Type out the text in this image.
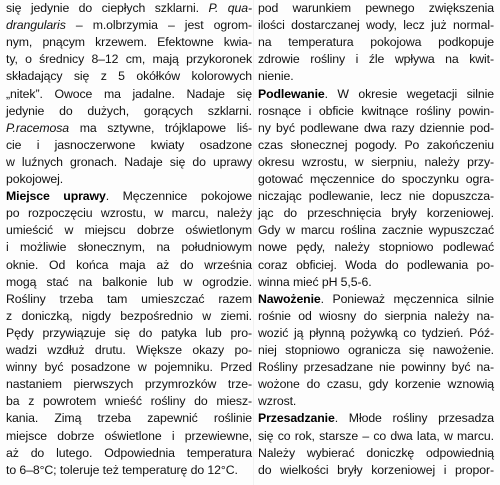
się jedynie do ciepłych szklarni. P. qua-
drangularis – m.olbrzymia – jest ogrom-
nym, pnącym krzewem. Efektowne kwia-
ty, o średnicy 8–12 cm, mają przykoronek
składający się z 5 okółków kolorowych
„nitek”. Owoce ma jadalne. Nadaje się
jedynie do dużych, gorących szklarni.
P.racemosa ma sztywne, trójklapowe liś-
cie i jasnoczerwone kwiaty osadzone
w luźnych gronach. Nadaje się do uprawy
pokojowej.
Miejsce uprawy. Męczennice pokojowe
po rozpoczęciu wzrostu, w marcu, należy
umieścić w miejscu dobrze oświetlonym
i możliwie słonecznym, na południowym
oknie. Od końca maja aż do września
mogą stać na balkonie lub w ogrodzie.
Rośliny trzeba tam umieszczać razem
z doniczką, nigdy bezpośrednio w ziemi.
Pędy przywiązuje się do patyka lub pro-
wadzi wzdłuż drutu. Większe okazy po-
winny być posadzone w pojemniku. Przed
nastaniem pierwszych przymrozków trze-
ba z powrotem wnieść rośliny do miesz-
kania. Zimą trzeba zapewnić roślinie
miejsce dobrze oświetlone i przewiewne,
aż do lutego. Odpowiednia temperatura
to 6–8°C; toleruje też temperaturę do 12°C.
pod warunkiem pewnego zwiększenia
ilości dostarczanej wody, lecz już normal-
na temperatura pokojowa podkopuje
zdrowie rośliny i źle wpływa na kwit-
nienie.
Podlewanie. W okresie wegetacji silnie
rosnące i obficie kwitnące rośliny powin-
ny być podlewane dwa razy dziennie pod-
czas słonecznej pogody. Po zakończeniu
okresu wzrostu, w sierpniu, należy przy-
gotować męczennice do spoczynku ogra-
niczając podlewanie, lecz nie dopuszcza-
jąc do przeschnięcia bryły korzeniowej.
Gdy w marcu roślina zacznie wypuszczać
nowe pędy, należy stopniowo podlewać
coraz obficiej. Woda do podlewania po-
winna mieć pH 5,5-6.
Nawożenie. Ponieważ męczennica silnie
rośnie od wiosny do sierpnia należy na-
wozić ją płynną pożywką co tydzień. Póź-
niej stopniowo ogranicza się nawożenie.
Rośliny przesadzane nie powinny być na-
wożone do czasu, gdy korzenie wznowią
wzrost.
Przesadzanie. Młode rośliny przesadza
się co rok, starsze – co dwa lata, w marcu.
Należy wybierać doniczkę odpowiednią
do wielkości bryły korzeniowej i propor-
